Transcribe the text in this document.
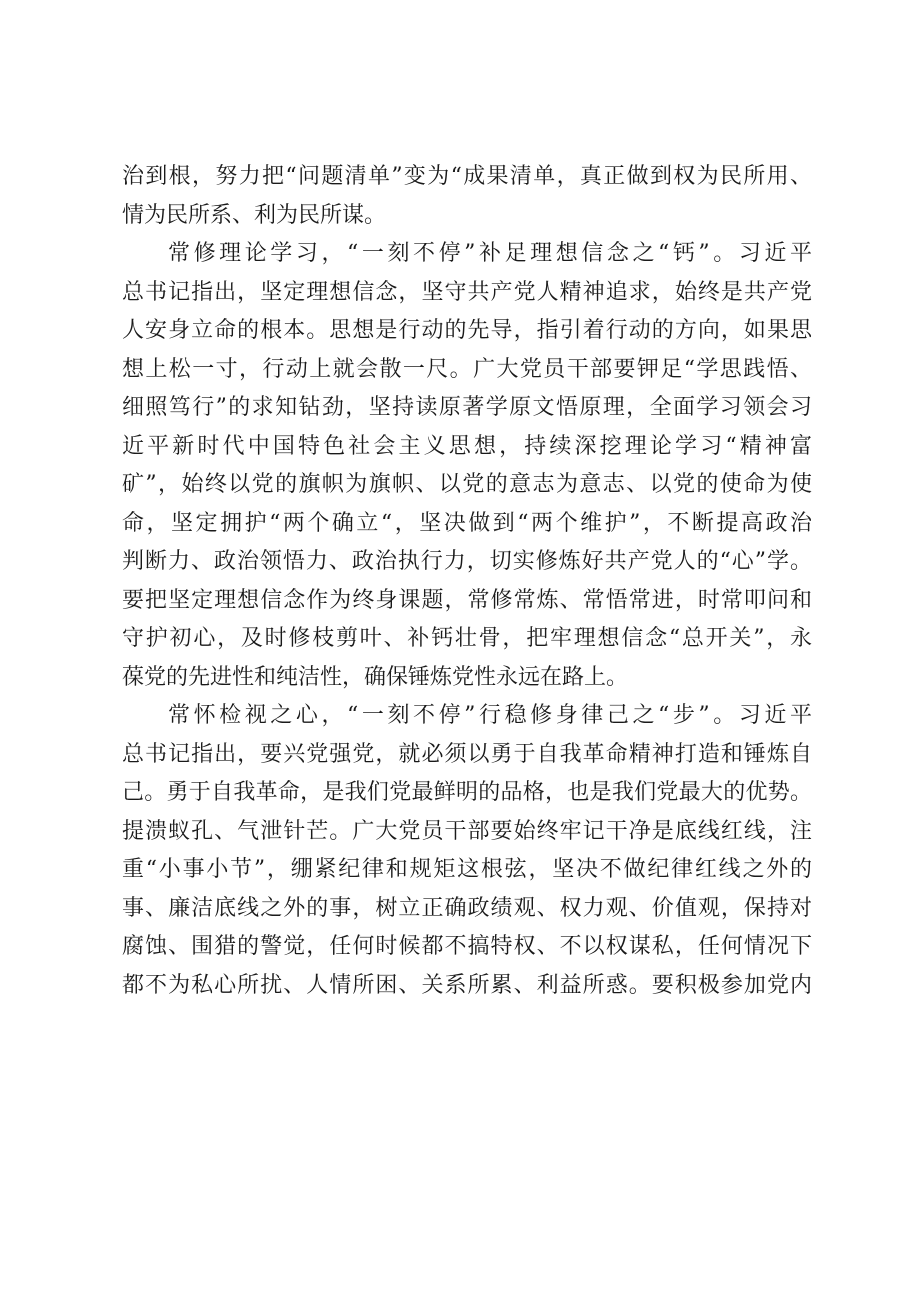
治到根，努力把“问题清单”变为“成果清单，真正做到权为民所用、
情为民所系、利为民所谋。
常修理论学习，“一刻不停”补足理想信念之“钙”。习近平
总书记指出，坚定理想信念，坚守共产党人精神追求，始终是共产党
人安身立命的根本。思想是行动的先导，指引着行动的方向，如果思
想上松一寸，行动上就会散一尺。广大党员干部要钾足“学思践悟、
细照笃行”的求知钻劲，坚持读原著学原文悟原理，全面学习领会习
近平新时代中国特色社会主义思想，持续深挖理论学习“精神富
矿”，始终以党的旗帜为旗帜、以党的意志为意志、以党的使命为使
命，坚定拥护“两个确立“，坚决做到“两个维护”，不断提高政治
判断力、政治领悟力、政治执行力，切实修炼好共产党人的“心”学。
要把坚定理想信念作为终身课题，常修常炼、常悟常进，时常叩问和
守护初心，及时修枝剪叶、补钙壮骨，把牢理想信念“总开关”，永
葆党的先进性和纯洁性，确保锤炼党性永远在路上。
常怀检视之心，“一刻不停”行稳修身律己之“步”。习近平
总书记指出，要兴党强党，就必须以勇于自我革命精神打造和锤炼自
己。勇于自我革命，是我们党最鲜明的品格，也是我们党最大的优势。
提溃蚁孔、气泄针芒。广大党员干部要始终牢记干净是底线红线，注
重“小事小节”，绷紧纪律和规矩这根弦，坚决不做纪律红线之外的
事、廉洁底线之外的事，树立正确政绩观、权力观、价值观，保持对
腐蚀、围猎的警觉，任何时候都不搞特权、不以权谋私，任何情况下
都不为私心所扰、人情所困、关系所累、利益所惑。要积极参加党内
